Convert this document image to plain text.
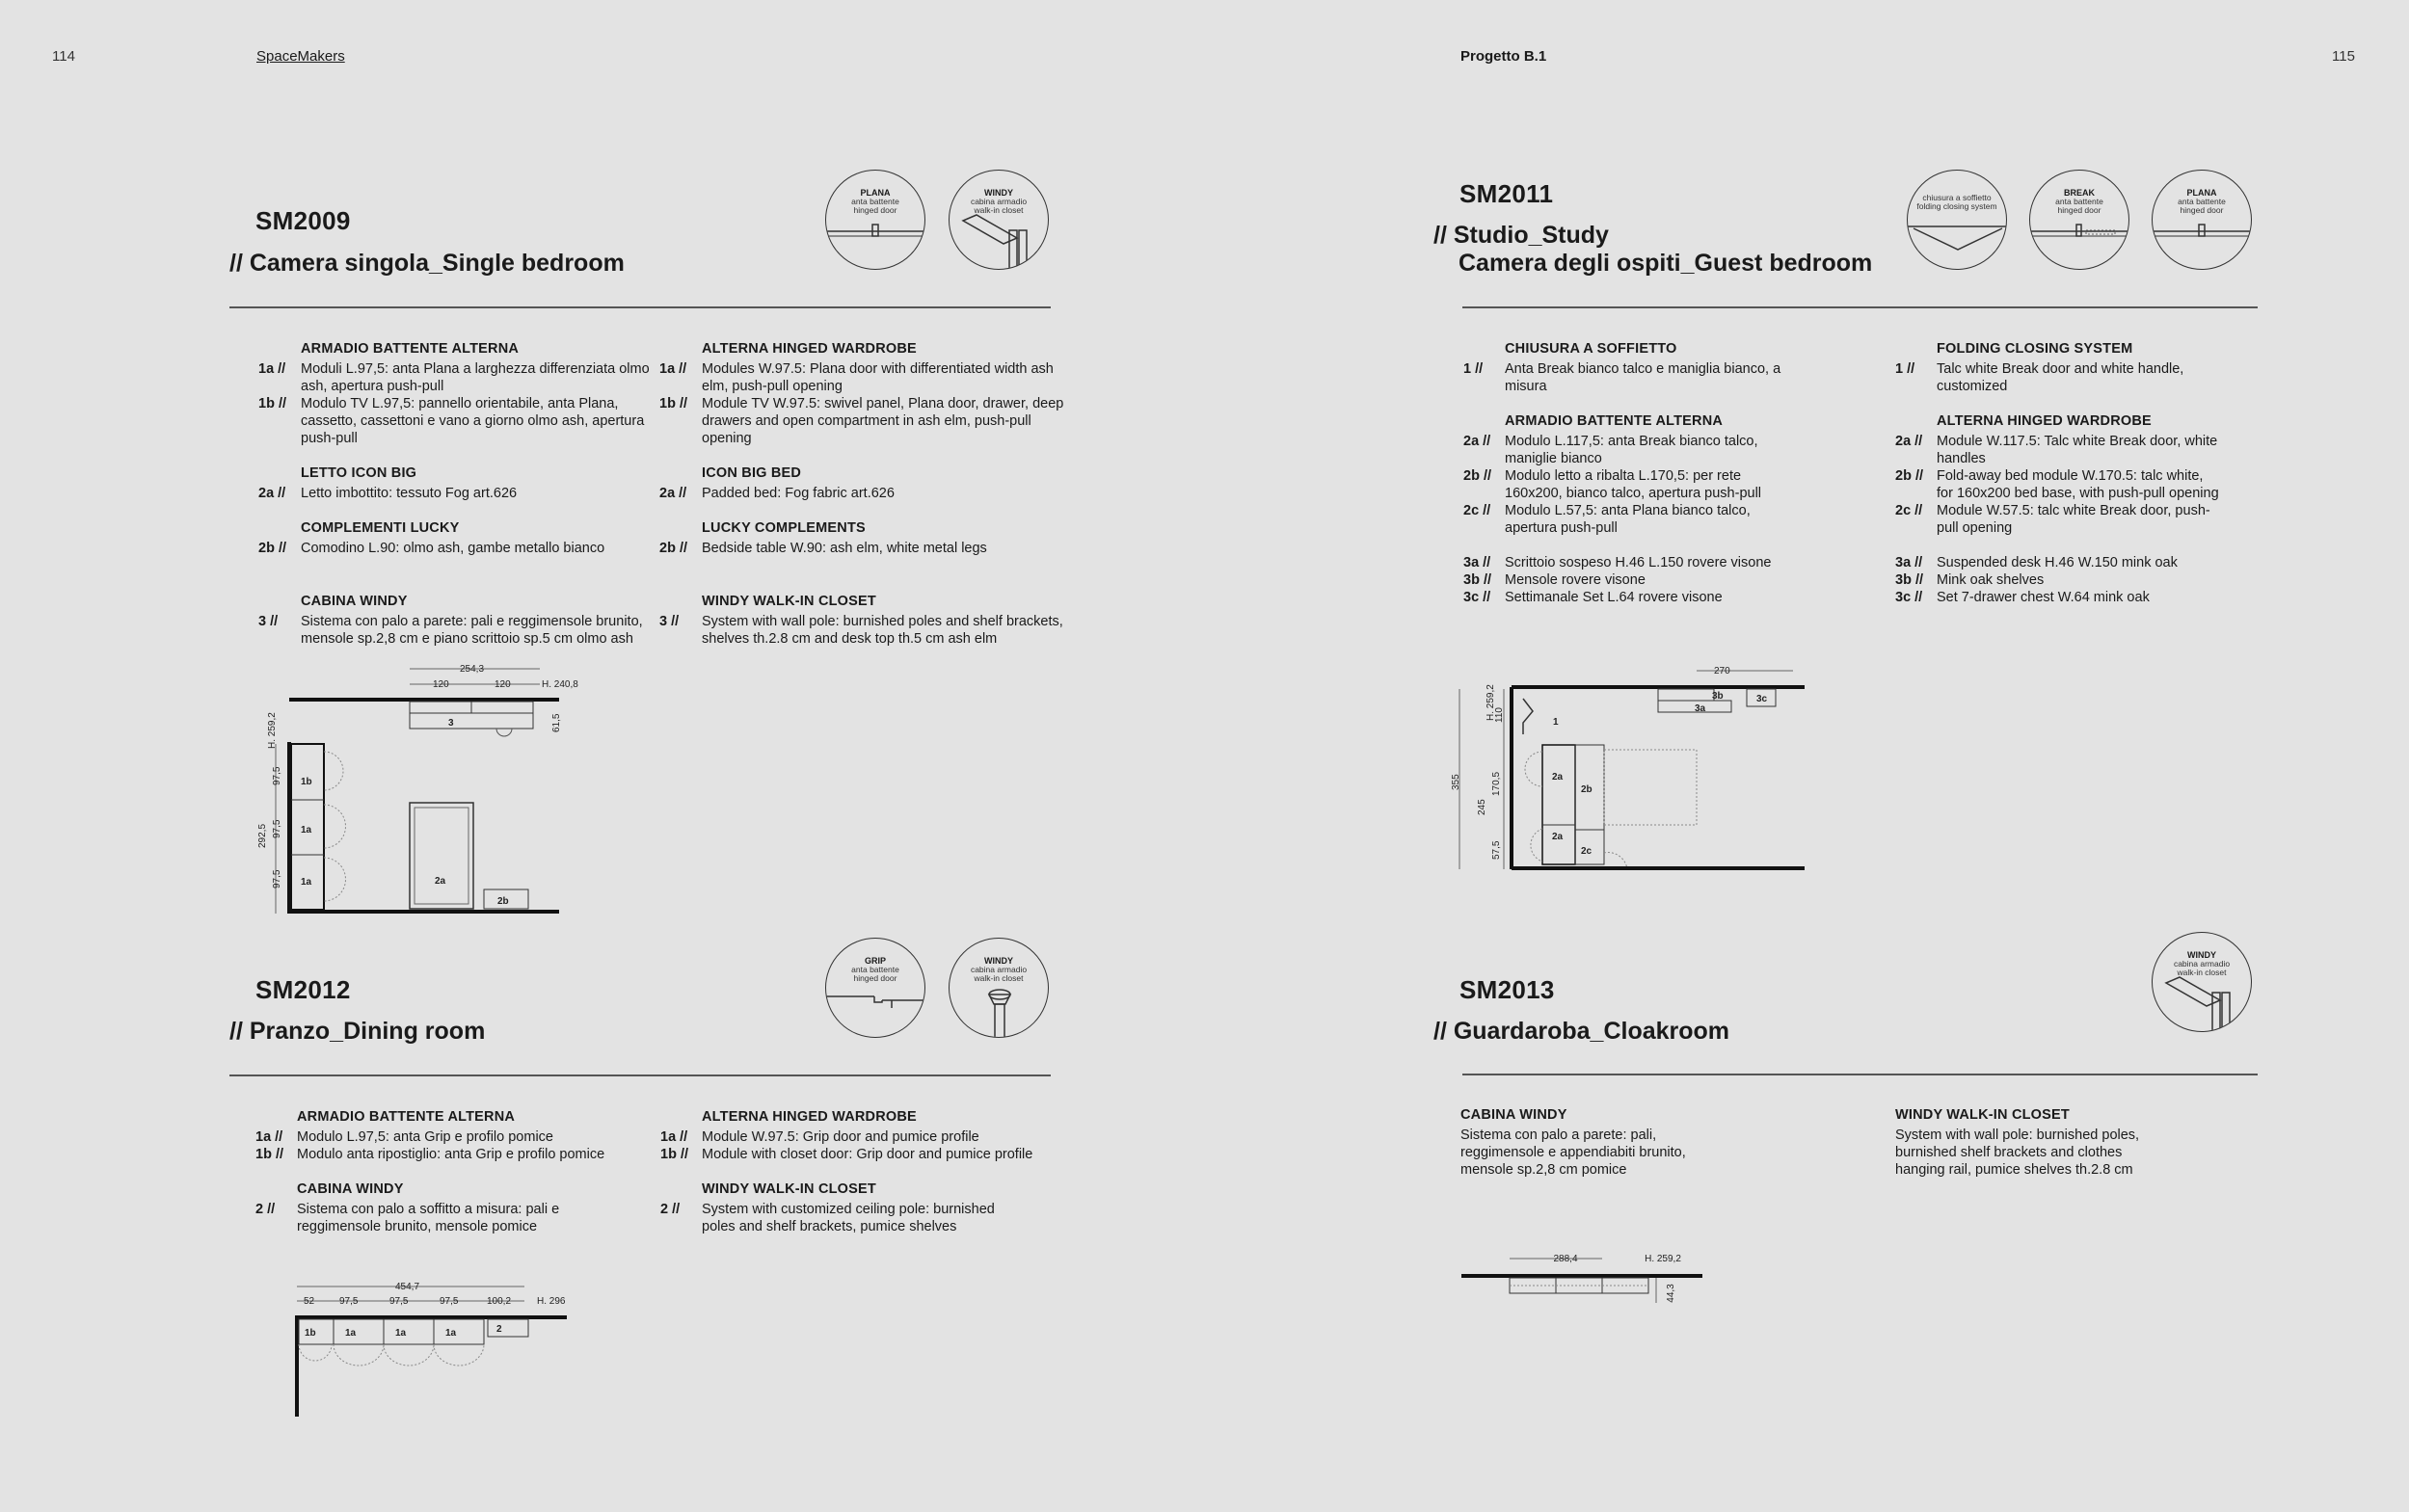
114	SpaceMakers	Progetto B.1	115
SM2009
// Camera singola_Single bedroom
PLANA
anta battente
hinged door
WINDY
cabina armadio
walk-in closet
ARMADIO BATTENTE ALTERNA
1a //	Moduli L.97,5: anta Plana a larghezza differenziata olmo ash, apertura push-pull
1b //	Modulo TV L.97,5: pannello orientabile, anta Plana, cassetto, cassettoni e vano a giorno olmo ash, apertura push-pull
LETTO ICON BIG
2a //	Letto imbottito: tessuto Fog art.626
COMPLEMENTI LUCKY
2b //	Comodino L.90: olmo ash, gambe metallo bianco
CABINA WINDY
3 //	Sistema con palo a parete: pali e reggimensole brunito, mensole sp.2,8 cm e piano scrittoio sp.5 cm olmo ash
ALTERNA HINGED WARDROBE
1a //	Modules W.97.5: Plana door with differentiated width ash elm, push-pull opening
1b //	Module TV W.97.5: swivel panel, Plana door, drawer, deep drawers and open compartment in ash elm, push-pull opening
ICON BIG BED
2a //	Padded bed: Fog fabric art.626
LUCKY COMPLEMENTS
2b //	Bedside table W.90: ash elm, white metal legs
WINDY WALK-IN CLOSET
3 //	System with wall pole: burnished poles and shelf brackets, shelves th.2.8 cm and desk top th.5 cm ash elm
254,3
120	120	H. 240,8
3	61,5
1b
1a
1a	2a
2b
H. 259,2
292,5
97,5
97,5
97,5
SM2011
// Studio_Study
Camera degli ospiti_Guest bedroom
chiusura a soffietto
folding closing system
BREAK
anta battente
hinged door
PLANA
anta battente
hinged door
CHIUSURA A SOFFIETTO
1 //	Anta Break bianco talco e maniglia bianco, a misura
ARMADIO BATTENTE ALTERNA
2a //	Modulo L.117,5: anta Break bianco talco, maniglie bianco
2b // Modulo letto a ribalta L.170,5: per rete 160x200, bianco talco, apertura push-pull
2c //	Modulo L.57,5: anta Plana bianco talco, apertura push-pull
3a //	Scrittoio sospeso H.46 L.150 rovere visone
3b // Mensole rovere visone
3c //	Settimanale Set L.64 rovere visone
FOLDING CLOSING SYSTEM
1 //	Talc white Break door and white handle, customized
ALTERNA HINGED WARDROBE
2a //	Module W.117.5: Talc white Break door, white handles
2b // Fold-away bed module W.170.5: talc white, for 160x200 bed base, with push-pull opening
2c //	Module W.57.5: talc white Break door, push-pull opening
3a //	Suspended desk H.46 W.150 mink oak
3b // Mink oak shelves
3c //	Set 7-drawer chest W.64 mink oak
270
3b
3a
3c
1
2a
2b
2a
2c
110
H. 259,2
355
245
170,5
57,5
SM2012
// Pranzo_Dining room
GRIP
anta battente
hinged door
WINDY
cabina armadio
walk-in closet
ARMADIO BATTENTE ALTERNA
1a //	Modulo L.97,5: anta Grip e profilo pomice
1b // Modulo anta ripostiglio: anta Grip e profilo pomice
CABINA WINDY
2 //	Sistema con palo a soffitto a misura: pali e reggimensole brunito, mensole pomice
ALTERNA HINGED WARDROBE
1a //	Module W.97.5: Grip door and pumice profile
1b // Module with closet door: Grip door and pumice profile
WINDY WALK-IN CLOSET
2 //	System with customized ceiling pole: burnished poles and shelf brackets, pumice shelves
454,7
52	97,5	97,5	97,5	100,2	H. 296
1b	1a	1a	1a	2
SM2013
// Guardaroba_Cloakroom
WINDY
cabina armadio
walk-in closet
CABINA WINDY
Sistema con palo a parete: pali, reggimensole e appendiabiti brunito, mensole sp.2,8 cm pomice
WINDY WALK-IN CLOSET
System with wall pole: burnished poles, burnished shelf brackets and clothes hanging rail, pumice shelves th.2.8 cm
288,4	H. 259,2
44,3
